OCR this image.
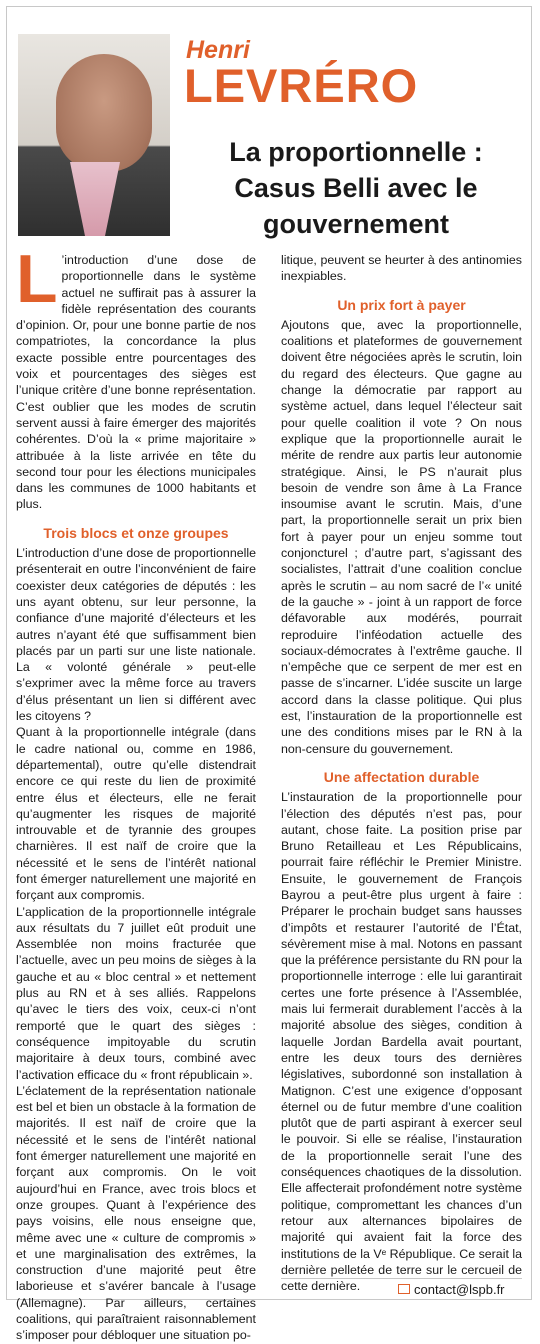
Henri
LEVRÉRO
La proportionnelle :
Casus Belli avec le
gouvernement

L ’introduction d’une dose de proportionnelle dans le système actuel ne suffirait pas à assurer la fidèle représentation des courants d’opinion. Or, pour une bonne partie de nos compatriotes, la concordance la plus exacte possible entre pourcentages des voix et pourcentages des sièges est l’unique critère d’une bonne représentation. C’est oublier que les modes de scrutin servent aussi à faire émerger des majorités cohérentes. D’où la « prime majoritaire » attribuée à la liste arrivée en tête du second tour pour les élections municipales dans les communes de 1000 habitants et plus.

Trois blocs et onze groupes

L’introduction d’une dose de proportionnelle présenterait en outre l’inconvénient de faire coexister deux catégories de députés : les uns ayant obtenu, sur leur personne, la confiance d’une majorité d’électeurs et les autres n’ayant été que suffisamment bien placés par un parti sur une liste nationale. La « volonté générale » peut-elle s’exprimer avec la même force au travers d’élus présentant un lien si différent avec les citoyens ?

Quant à la proportionnelle intégrale (dans le cadre national ou, comme en 1986, départemental), outre qu’elle distendrait encore ce qui reste du lien de proximité entre élus et électeurs, elle ne ferait qu’augmenter les risques de majorité introuvable et de tyrannie des groupes charnières. Il est naïf de croire que la nécessité et le sens de l’intérêt national font émerger naturellement une majorité en forçant aux compromis.

L’application de la proportionnelle intégrale aux résultats du 7 juillet eût produit une Assemblée non moins fracturée que l’actuelle, avec un peu moins de sièges à la gauche et au « bloc central » et nettement plus au RN et à ses alliés. Rappelons qu’avec le tiers des voix, ceux-ci n’ont remporté que le quart des sièges : conséquence impitoyable du scrutin majoritaire à deux tours, combiné avec l’activation efficace du « front républicain ».

L’éclatement de la représentation nationale est bel et bien un obstacle à la formation de majorités. Il est naïf de croire que la nécessité et le sens de l’intérêt national font émerger naturellement une majorité en forçant aux compromis. On le voit aujourd’hui en France, avec trois blocs et onze groupes. Quant à l’expérience des pays voisins, elle nous enseigne que, même avec une « culture de compromis » et une marginalisation des extrêmes, la construction d’une majorité peut être laborieuse et s’avérer bancale à l’usage (Allemagne). Par ailleurs, certaines coalitions, qui paraîtraient raisonnablement s’imposer pour débloquer une situation po-

litique, peuvent se heurter à des antinomies inexpiables.

Un prix fort à payer

Ajoutons que, avec la proportionnelle, coalitions et plateformes de gouvernement doivent être négociées après le scrutin, loin du regard des électeurs. Que gagne au change la démocratie par rapport au système actuel, dans lequel l’électeur sait pour quelle coalition il vote ? On nous explique que la proportionnelle aurait le mérite de rendre aux partis leur autonomie stratégique. Ainsi, le PS n’aurait plus besoin de vendre son âme à La France insoumise avant le scrutin. Mais, d’une part, la proportionnelle serait un prix bien fort à payer pour un enjeu somme tout conjoncturel ; d’autre part, s’agissant des socialistes, l’attrait d’une coalition conclue après le scrutin – au nom sacré de l’« unité de la gauche » - joint à un rapport de force défavorable aux modérés, pourrait reproduire l’inféodation actuelle des sociaux-démocrates à l’extrême gauche. Il n’empêche que ce serpent de mer est en passe de s’incarner. L’idée suscite un large accord dans la classe politique. Qui plus est, l’instauration de la proportionnelle est une des conditions mises par le RN à la non-censure du gouvernement.

Une affectation durable

L’instauration de la proportionnelle pour l’élection des députés n’est pas, pour autant, chose faite. La position prise par Bruno Retailleau et Les Républicains, pourrait faire réfléchir le Premier Ministre. Ensuite, le gouvernement de François Bayrou a peut-être plus urgent à faire : Préparer le prochain budget sans hausses d’impôts et restaurer l’autorité de l’État, sévèrement mise à mal. Notons en passant que la préférence persistante du RN pour la proportionnelle interroge : elle lui garantirait certes une forte présence à l’Assemblée, mais lui fermerait durablement l’accès à la majorité absolue des sièges, condition à laquelle Jordan Bardella avait pourtant, entre les deux tours des dernières législatives, subordonné son installation à Matignon. C’est une exigence d’opposant éternel ou de futur membre d’une coalition plutôt que de parti aspirant à exercer seul le pouvoir. Si elle se réalise, l’instauration de la proportionnelle serait l’une des conséquences chaotiques de la dissolution. Elle affecterait profondément notre système politique, compromettant les chances d’un retour aux alternances bipolaires de majorité qui avaient fait la force des institutions de la Vᵉ République. Ce serait la dernière pelletée de terre sur le cercueil de cette dernière.	contact@lspb.fr
